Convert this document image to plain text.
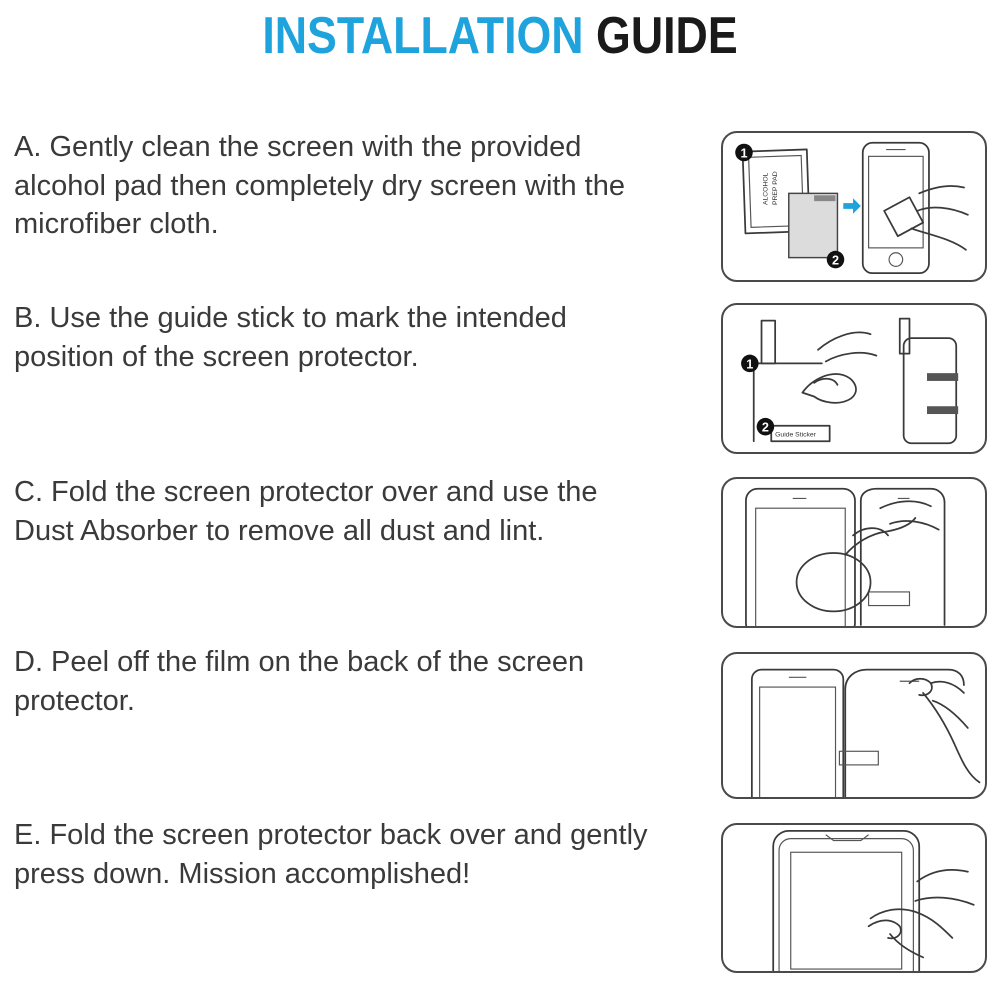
INSTALLATION GUIDE
A. Gently clean the screen with the provided alcohol pad then completely dry screen with the microfiber cloth.
B. Use the guide stick to mark the intended position of the screen protector.
C. Fold the screen protector over and use the Dust Absorber to remove all dust and lint.
D. Peel off the film on the back of the screen protector.
E. Fold the screen protector back over and gently press down. Mission accomplished!
ALCOHOL PREP PAD
1
2
Guide Sticker
1
2
